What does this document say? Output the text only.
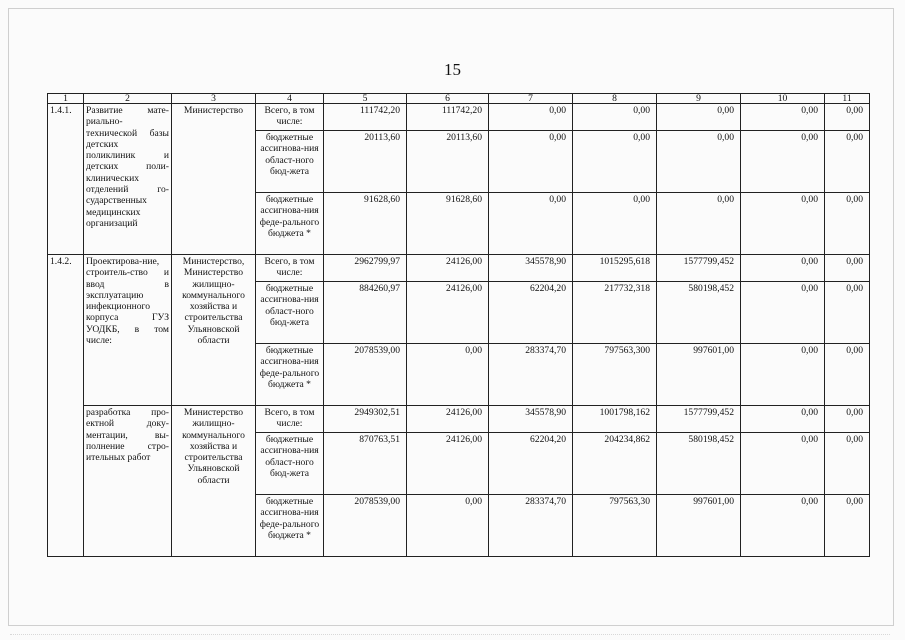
15
1	2	3	4	5	6	7	8	9	10	11
1.4.1.	Развитие мате-риально-технической базы детских поликлиник и детских поли-клинических отделений го-сударственных медицинских организаций	Министерство	Всего, в том числе:	111742,20	111742,20	0,00	0,00	0,00	0,00	0,00
			бюджетные ассигнова-ния област-ного бюд-жета	20113,60	20113,60	0,00	0,00	0,00	0,00	0,00
			бюджетные ассигнова-ния феде-рального бюджета *	91628,60	91628,60	0,00	0,00	0,00	0,00	0,00
1.4.2.	Проектирова-ние, строитель-ство и ввод в эксплуатацию инфекционного корпуса ГУЗ УОДКБ, в том числе:	Министерство, Министерство жилищно-коммунального хозяйства и строительства Ульяновской области	Всего, в том числе:	2962799,97	24126,00	345578,90	1015295,618	1577799,452	0,00	0,00
			бюджетные ассигнова-ния област-ного бюд-жета	884260,97	24126,00	62204,20	217732,318	580198,452	0,00	0,00
			бюджетные ассигнова-ния феде-рального бюджета *	2078539,00	0,00	283374,70	797563,300	997601,00	0,00	0,00
	разработка про-ектной доку-ментации, вы-полнение стро-ительных работ	Министерство жилищно-коммунального хозяйства и строительства Ульяновской области	Всего, в том числе:	2949302,51	24126,00	345578,90	1001798,162	1577799,452	0,00	0,00
			бюджетные ассигнова-ния област-ного бюд-жета	870763,51	24126,00	62204,20	204234,862	580198,452	0,00	0,00
			бюджетные ассигнова-ния феде-рального бюджета *	2078539,00	0,00	283374,70	797563,30	997601,00	0,00	0,00
